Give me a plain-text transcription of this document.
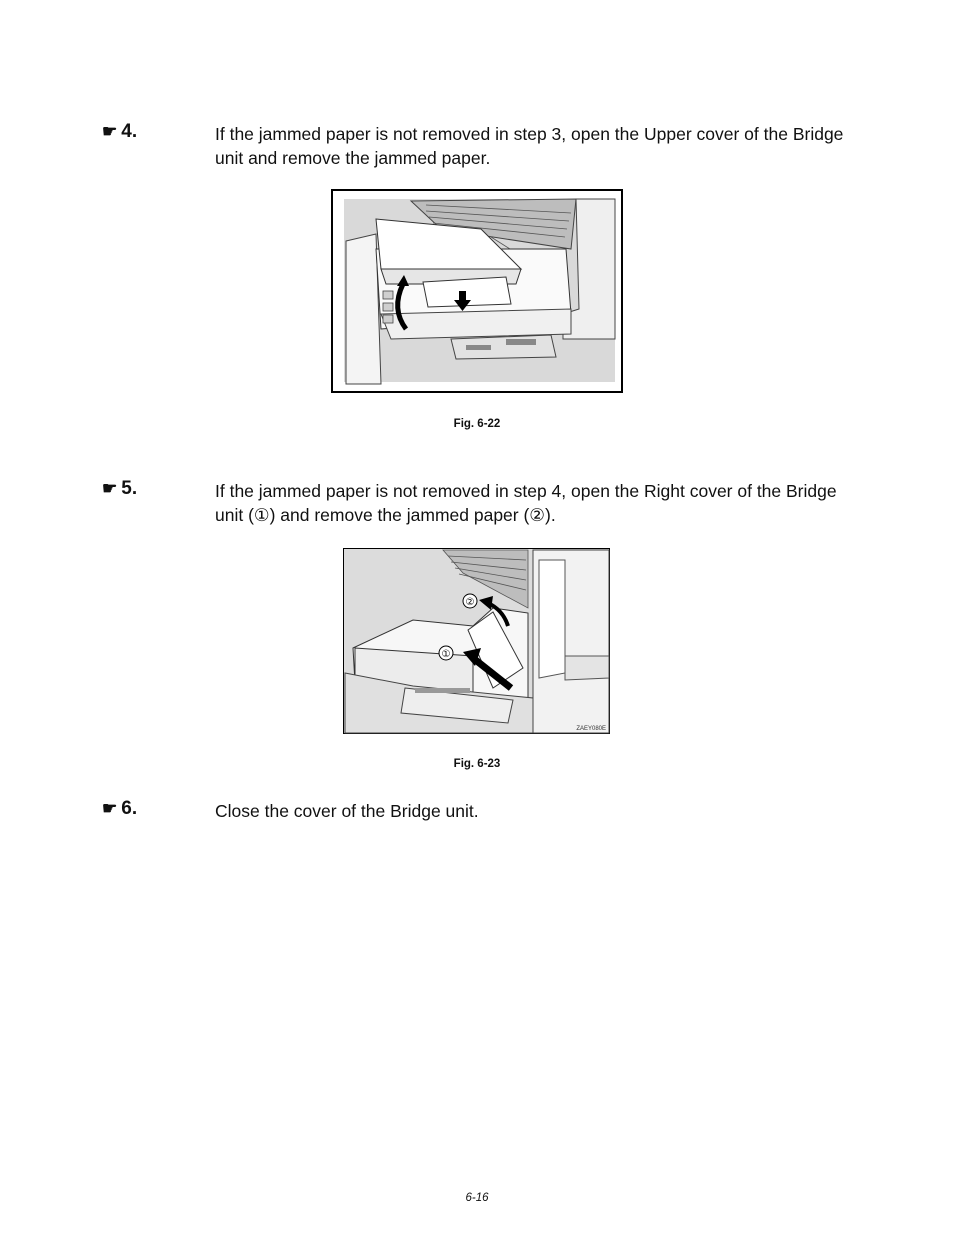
☛ 4.	If the jammed paper is not removed in step 3, open the Upper cover of the Bridge unit and remove the jammed paper.
Fig. 6-22
☛ 5.	If the jammed paper is not removed in step 4, open the Right cover of the Bridge unit (①) and remove the jammed paper (②).
②
①
ZAEY080E
Fig. 6-23
☛ 6.	Close the cover of the Bridge unit.
6-16
